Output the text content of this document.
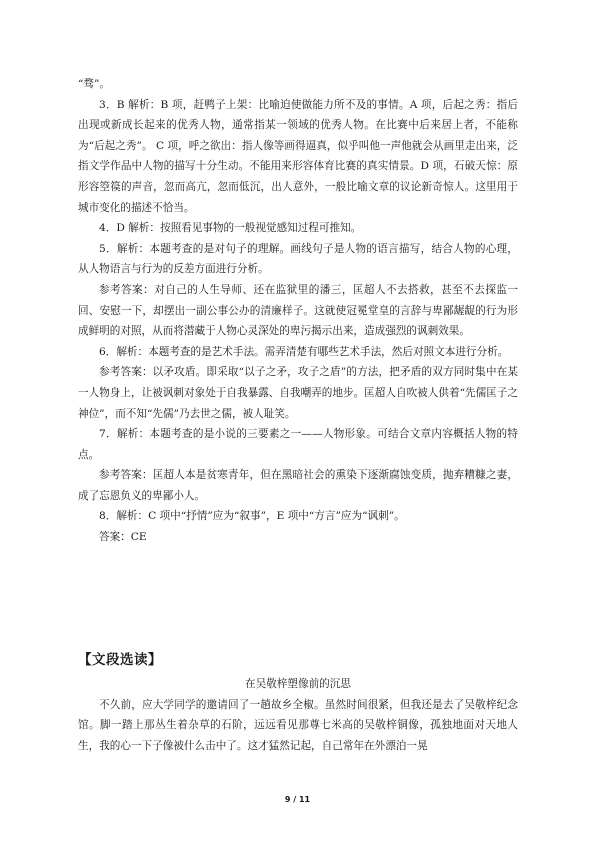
“骛”。

3．B 解析：B 项，赶鸭子上架：比喻迫使做能力所不及的事情。A 项，后起之秀：指后出现或新成长起来的优秀人物，通常指某一领域的优秀人物。在比赛中后来居上者，不能称为“后起之秀”。 C 项，呼之欲出：指人像等画得逼真，似乎叫他一声他就会从画里走出来，泛指文学作品中人物的描写十分生动。不能用来形容体育比赛的真实情景。D 项，石破天惊：原形容箜篌的声音，忽而高亢，忽而低沉，出人意外，一般比喻文章的议论新奇惊人。这里用于城市变化的描述不恰当。

4．D 解析：按照看见事物的一般视觉感知过程可推知。

5．解析：本题考查的是对句子的理解。画线句子是人物的语言描写，结合人物的心理，从人物语言与行为的反差方面进行分析。

参考答案：对自己的人生导师、还在监狱里的潘三，匡超人不去搭救，甚至不去探监一回、安慰一下，却摆出一副公事公办的清廉样子。这就使冠冕堂皇的言辞与卑鄙龌龊的行为形成鲜明的对照，从而将潜藏于人物心灵深处的卑污揭示出来，造成强烈的讽刺效果。

6．解析：本题考查的是艺术手法。需弄清楚有哪些艺术手法，然后对照文本进行分析。

参考答案：以矛攻盾。即采取“以子之矛，攻子之盾”的方法，把矛盾的双方同时集中在某一人物身上，让被讽刺对象处于自我暴露、自我嘲弄的地步。匡超人自吹被人供着“先儒匡子之神位”，而不知“先儒”乃去世之儒，被人耻笑。

7．解析：本题考查的是小说的三要素之一——人物形象。可结合文章内容概括人物的特点。

参考答案：匡超人本是贫寒青年，但在黑暗社会的熏染下逐渐腐蚀变质，抛弃糟糠之妻，成了忘恩负义的卑鄙小人。

8．解析：C 项中“抒情”应为“叙事”，E 项中“方言”应为“讽刺”。

答案：CE

【文段选读】

在吴敬梓塑像前的沉思

不久前，应大学同学的邀请回了一趟故乡全椒。虽然时间很紧，但我还是去了吴敬梓纪念馆。脚一踏上那丛生着杂草的石阶，远远看见那尊七米高的吴敬梓铜像，孤独地面对天地人生，我的心一下子像被什么击中了。这才猛然记起，自己常年在外漂泊一晃

9 / 11
